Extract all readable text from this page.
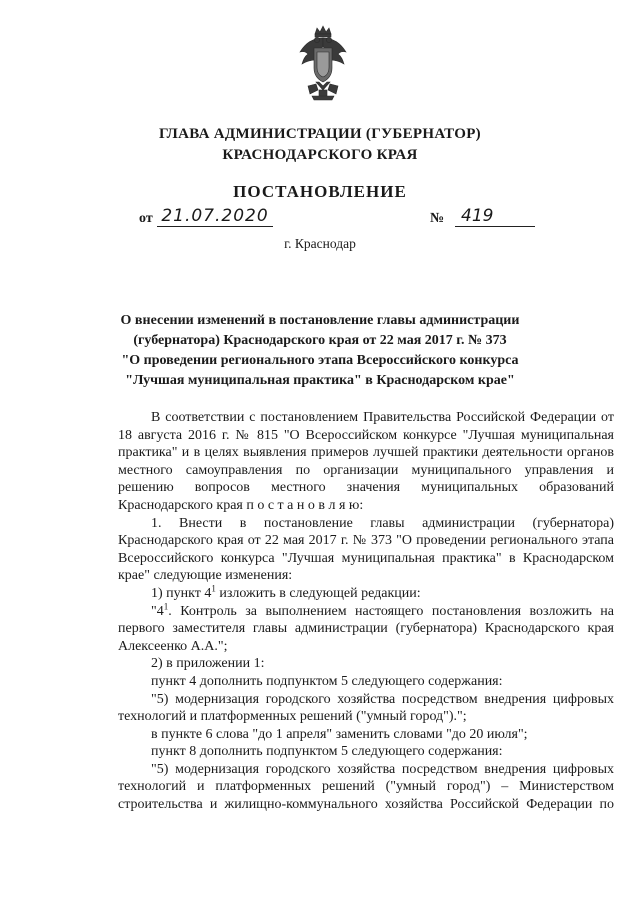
ГЛАВА АДМИНИСТРАЦИИ (ГУБЕРНАТОР)
КРАСНОДАРСКОГО КРАЯ
ПОСТАНОВЛЕНИЕ
от 21.07.2020	№ 419
г. Краснодар
О внесении изменений в постановление главы администрации
(губернатора) Краснодарского края от 22 мая 2017 г. № 373
"О проведении регионального этапа Всероссийского конкурса
"Лучшая муниципальная практика" в Краснодарском крае"

В соответствии с постановлением Правительства Российской Федерации от 18 августа 2016 г. № 815 "О Всероссийском конкурсе "Лучшая муниципальная практика" и в целях выявления примеров лучшей практики деятельности органов местного самоуправления по организации муниципального управления и решению вопросов местного значения муниципальных образований Краснодарского края п о с т а н о в л я ю:

1. Внести в постановление главы администрации (губернатора) Краснодарского края от 22 мая 2017 г. № 373 "О проведении регионального этапа Всероссийского конкурса "Лучшая муниципальная практика" в Краснодарском крае" следующие изменения:

1) пункт $4^1$ изложить в следующей редакции:

"$4^1$. Контроль за выполнением настоящего постановления возложить на первого заместителя главы администрации (губернатора) Краснодарского края Алексеенко А.А.";

2) в приложении 1:

пункт 4 дополнить подпунктом 5 следующего содержания:

"5) модернизация городского хозяйства посредством внедрения цифровых технологий и платформенных решений ("умный город").";

в пункте 6 слова "до 1 апреля" заменить словами "до 20 июля";

пункт 8 дополнить подпунктом 5 следующего содержания:

"5) модернизация городского хозяйства посредством внедрения цифровых технологий и платформенных решений ("умный город") – Министерством строительства и жилищно-коммунального хозяйства Российской Федерации по
